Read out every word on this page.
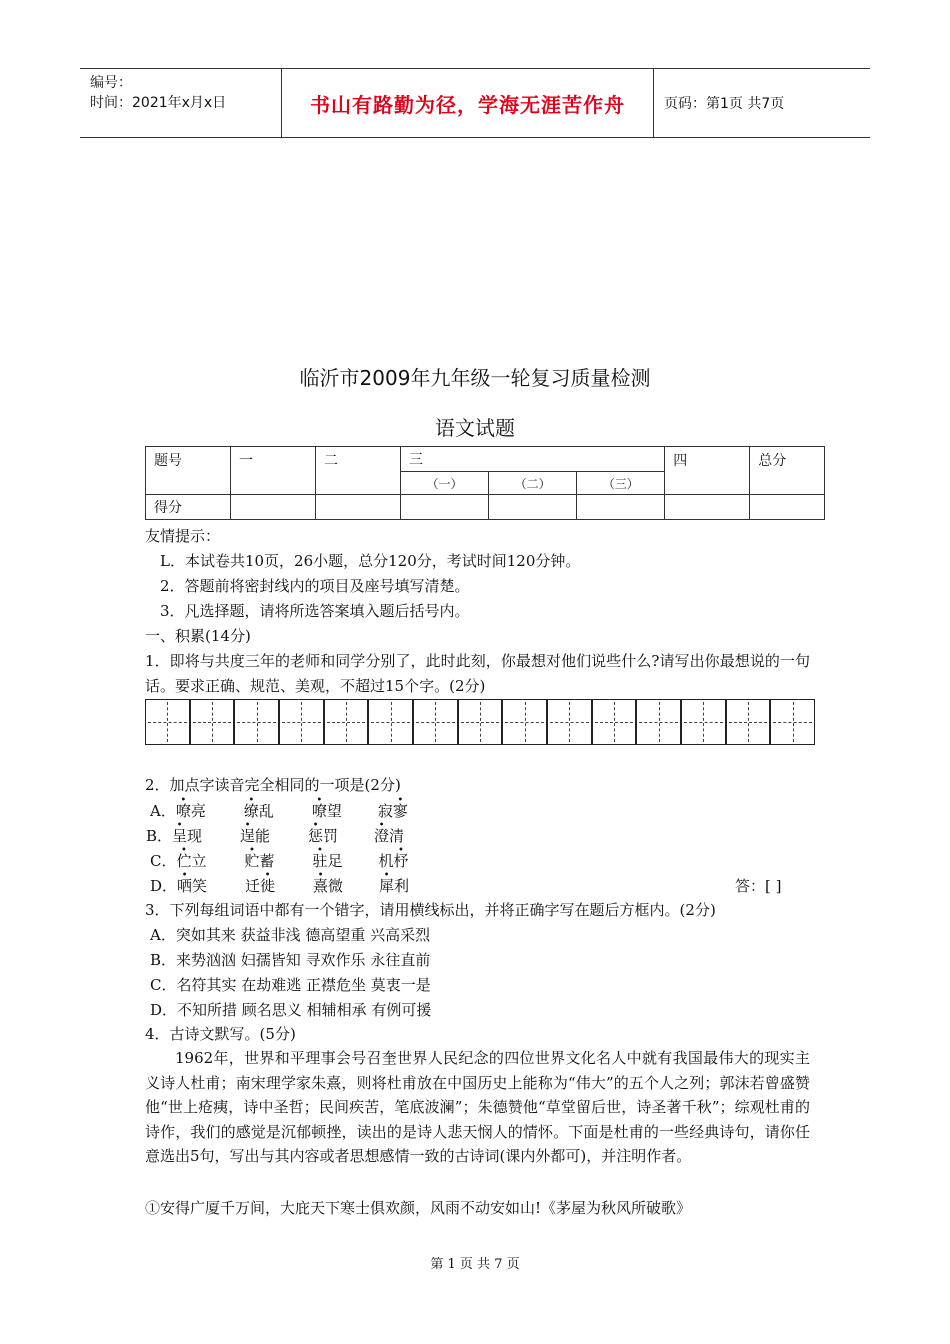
编号：
时间：2021年x月x日	书山有路勤为径，学海无涯苦作舟	页码：第1页 共7页
临沂市2009年九年级一轮复习质量检测
语文试题
题号	一	二	三			四	总分
			（一）	（二）	（三）		
得分							
友情提示：
L．本试卷共10页，26小题，总分120分，考试时间120分钟。
2．答题前将密封线内的项目及座号填写清楚。
3．凡选择题，请将所选答案填入题后括号内。
一、积累(14分)
1．即将与共度三年的老师和同学分别了，此时此刻，你最想对他们说些什么?请写出你最想说的一句话。要求正确、规范、美观，不超过15个字。(2分)
2．加点字读音完全相同的一项是(2分)
A．嘹亮	缭乱	嘹望 寂寥
B．呈现	逞能	惩罚 澄清
C．伫立	贮蓄	驻足 机杼
D．哂笑	迁徙	熹微 犀利	答：[ ]
3．下列每组词语中都有一个错字，请用横线标出，并将正确字写在题后方框内。(2分)
A．突如其来 获益非浅 德高望重 兴高采烈
B．来势汹汹 妇孺皆知 寻欢作乐 永往直前
C．名符其实 在劫难逃 正襟危坐 莫衷一是
D．不知所措 顾名思义 相辅相承 有例可援
4．古诗文默写。(5分)
1962年，世界和平理事会号召奎世界人民纪念的四位世界文化名人中就有我国最伟大的现实主义诗人杜甫；南宋理学家朱熹，则将杜甫放在中国历史上能称为“伟大”的五个人之列；郭沫若曾盛赞他“世上疮痍，诗中圣哲；民间疾苦，笔底波澜”；朱德赞他“草堂留后世，诗圣著千秋”；综观杜甫的诗作，我们的感觉是沉郁顿挫，读出的是诗人悲天悯人的情怀。下面是杜甫的一些经典诗句，请你任意选出5句，写出与其内容或者思想感情一致的古诗词(课内外都可)，并注明作者。
①安得广厦千万间，大庇天下寒士俱欢颜，风雨不动安如山!《茅屋为秋风所破歌》
第 1 页 共 7 页
